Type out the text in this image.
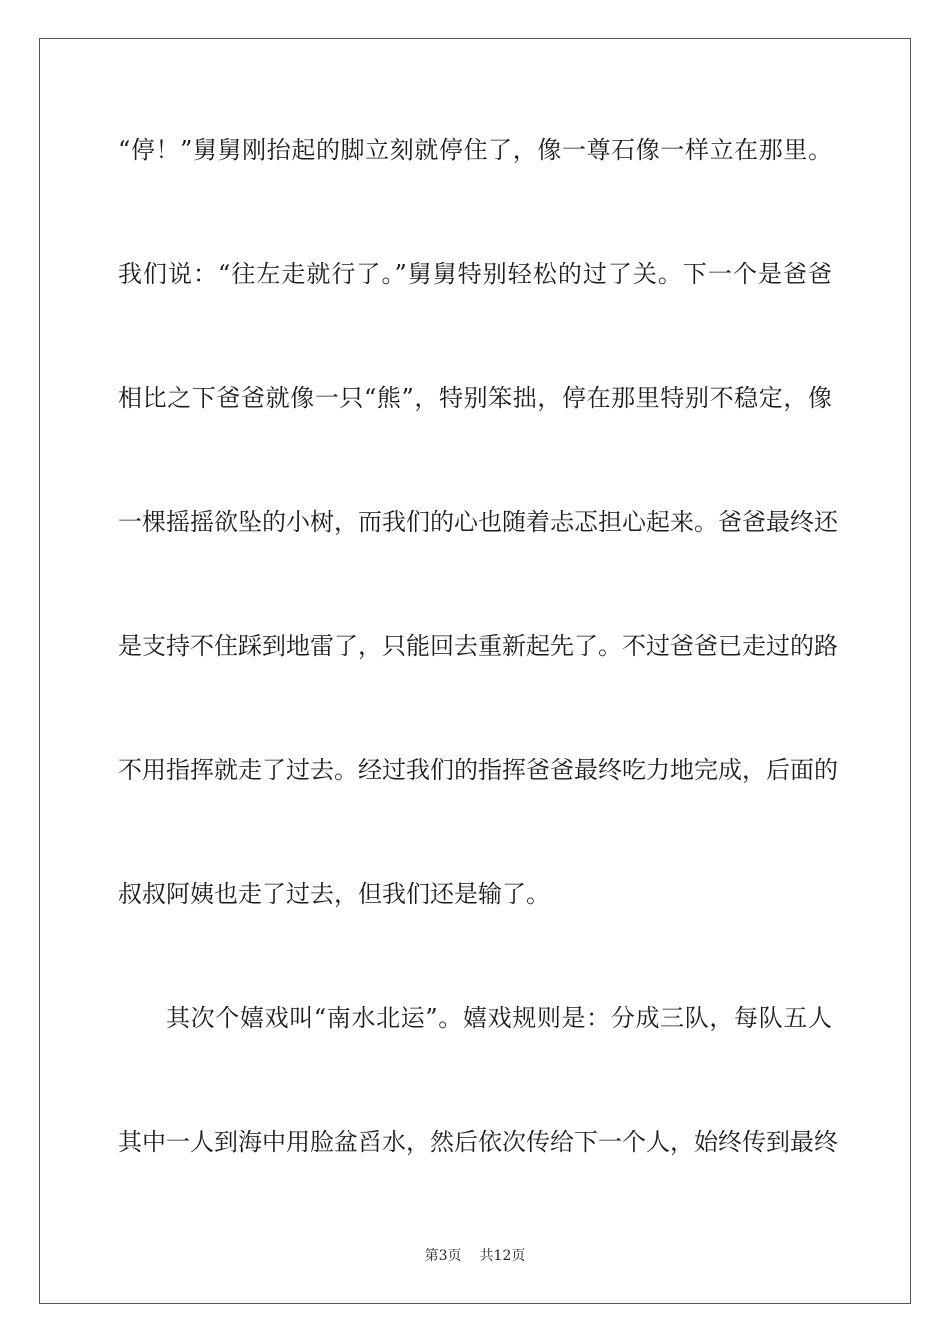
“停！”舅舅刚抬起的脚立刻就停住了，像一尊石像一样立在那里。
我们说：“往左走就行了。”舅舅特别轻松的过了关。下一个是爸爸
相比之下爸爸就像一只“熊”，特别笨拙，停在那里特别不稳定，像
一棵摇摇欲坠的小树，而我们的心也随着忐忑担心起来。爸爸最终还
是支持不住踩到地雷了，只能回去重新起先了。不过爸爸已走过的路
不用指挥就走了过去。经过我们的指挥爸爸最终吃力地完成，后面的
叔叔阿姨也走了过去，但我们还是输了。
其次个嬉戏叫“南水北运”。嬉戏规则是：分成三队，每队五人
其中一人到海中用脸盆舀水，然后依次传给下一个人，始终传到最终
第3页 共12页
